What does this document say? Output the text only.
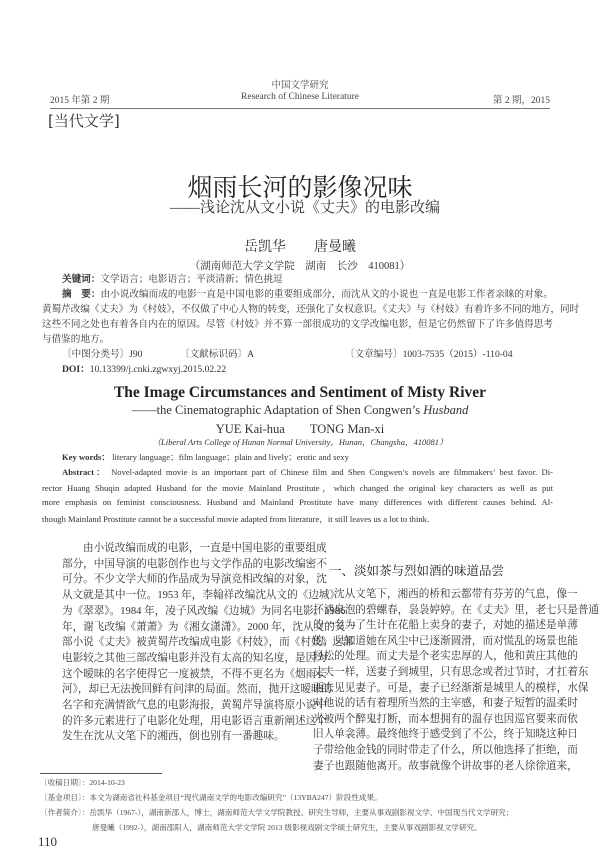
中国文学研究
2015 年第 2 期	Research of Chinese Literature	第 2 期，2015
[当代文学]
烟雨长河的影像况味
——浅论沈从文小说《丈夫》的电影改编
岳凯华　　唐曼曦
（湖南师范大学文学院　湖南　长沙　410081）
关键词：文学语言；电影语言；平淡清新；情色挑逗
摘　要：由小说改编而成的电影一直是中国电影的重要组成部分，而沈从文的小说也一直是电影工作者亲睐的对象。
黄蜀芹改编《丈夫》为《村妓》，不仅做了中心人物的转变，还强化了女权意识。《丈夫》与《村妓》有着许多不同的地方，同时
这些不同之处也有着各自内在的原因。尽管《村妓》并不算一部很成功的文学改编电影，但是它仍然留下了许多值得思考
与借鉴的地方。
〔中图分类号〕J90	〔文献标识码〕A	〔文章编号〕1003-7535（2015）-110-04
DOI：10.13399/j.cnki.zgwxyj.2015.02.22
The Image Circumstances and Sentiment of Misty River
——the Cinematographic Adaptation of Shen Congwen’s Husband
YUE Kai-hua　　TONG Man-xi
（Liberal Arts College of Hunan Normal University，Hunan，Changsha，410081）
Key words： literary language；film language；plain and lively；erotic and sexy
Abstract： Novel-adapted movie is an important part of Chinese film and Shen Congwen’s novels are filmmakers’ best favor. Di-
rector Huang Shuqin adapted Husband for the movie Mainland Prostitute，which changed the original key characters as well as put
more emphasis on feminist consciousness. Husband and Mainland Prostitute have many differences with different causes behind. Al-
though Mainland Prostitute cannot be a successful movie adapted from literature，it still leaves us a lot to think.
由小说改编而成的电影，一直是中国电影的重要组成
部分，中国导演的电影创作也与文学作品的电影改编密不
可分。不少文学大师的作品成为导演竞相改编的对象，沈
从文就是其中一位。1953 年，李翰祥改编沈从文的《边城》
为《翠翠》。1984 年，凌子风改编《边城》为同名电影。1986
年，谢飞改编《萧萧》为《湘女潇潇》。2000 年，沈从文的又一
部小说《丈夫》被黄蜀芹改编成电影《村妓》，而《村妓》这部
电影较之其他三部改编电影并没有太高的知名度，是因为
这个暧昧的名字使得它一度被禁，不得不更名为《烟雨长
河》，却已无法挽回鲜有问津的局面。然而，抛开这暧昧的
名字和充满情欲气息的电影海报，黄蜀芹导演将原小说中
的许多元素进行了电影化处理，用电影语言重新阐述这个
发生在沈从文笔下的湘西，倒也别有一番趣味。
一、淡如茶与烈如酒的味道品尝
沈从文笔下，湘西的桥和云都带有芬芳的气息，像一
抔清泉泡的碧螺春，袅袅婷婷。在《丈夫》里，老七只是普通
的一名为了生计在花船上卖身的妻子，对她的描述是单薄
的，只知道她在风尘中已逐渐圆滑，而对慌乱的场景也能
轻松的处理。而丈夫是个老实忠厚的人，他和黄庄其他的
丈夫一样，送妻子到城里，只有思念或者过节时，才扛着东
西去见见妻子。可是，妻子已经渐渐是城里人的模样，水保
对他说的话有着理所当然的主宰感，和妻子短暂的温柔时
光被两个醉鬼打断，而本想拥有的温存也因巡官要来而依
旧人单衾薄。最终他终于感受到了不公，终于知晓这种日
子带给他金钱的同时带走了什么，所以他选择了拒绝，而
妻子也跟随他离开。故事就像个讲故事的老人徐徐道来，
〔收稿日期〕：2014-10-23
〔基金项目〕：本文为湖南省社科基金项目“现代湖南文学的电影改编研究”（13YBA247）阶段性成果。
〔作者简介〕：岳凯华（1967-），湖南新邵人，博士，湖南师范大学文学院教授、研究生导师，主要从事戏剧影视文学、中国现当代文学研究；
唐曼曦（1992-），湖南邵阳人，湖南师范大学文学院 2013 级影视戏剧文学硕士研究生，主要从事戏剧影视文学研究。
110
